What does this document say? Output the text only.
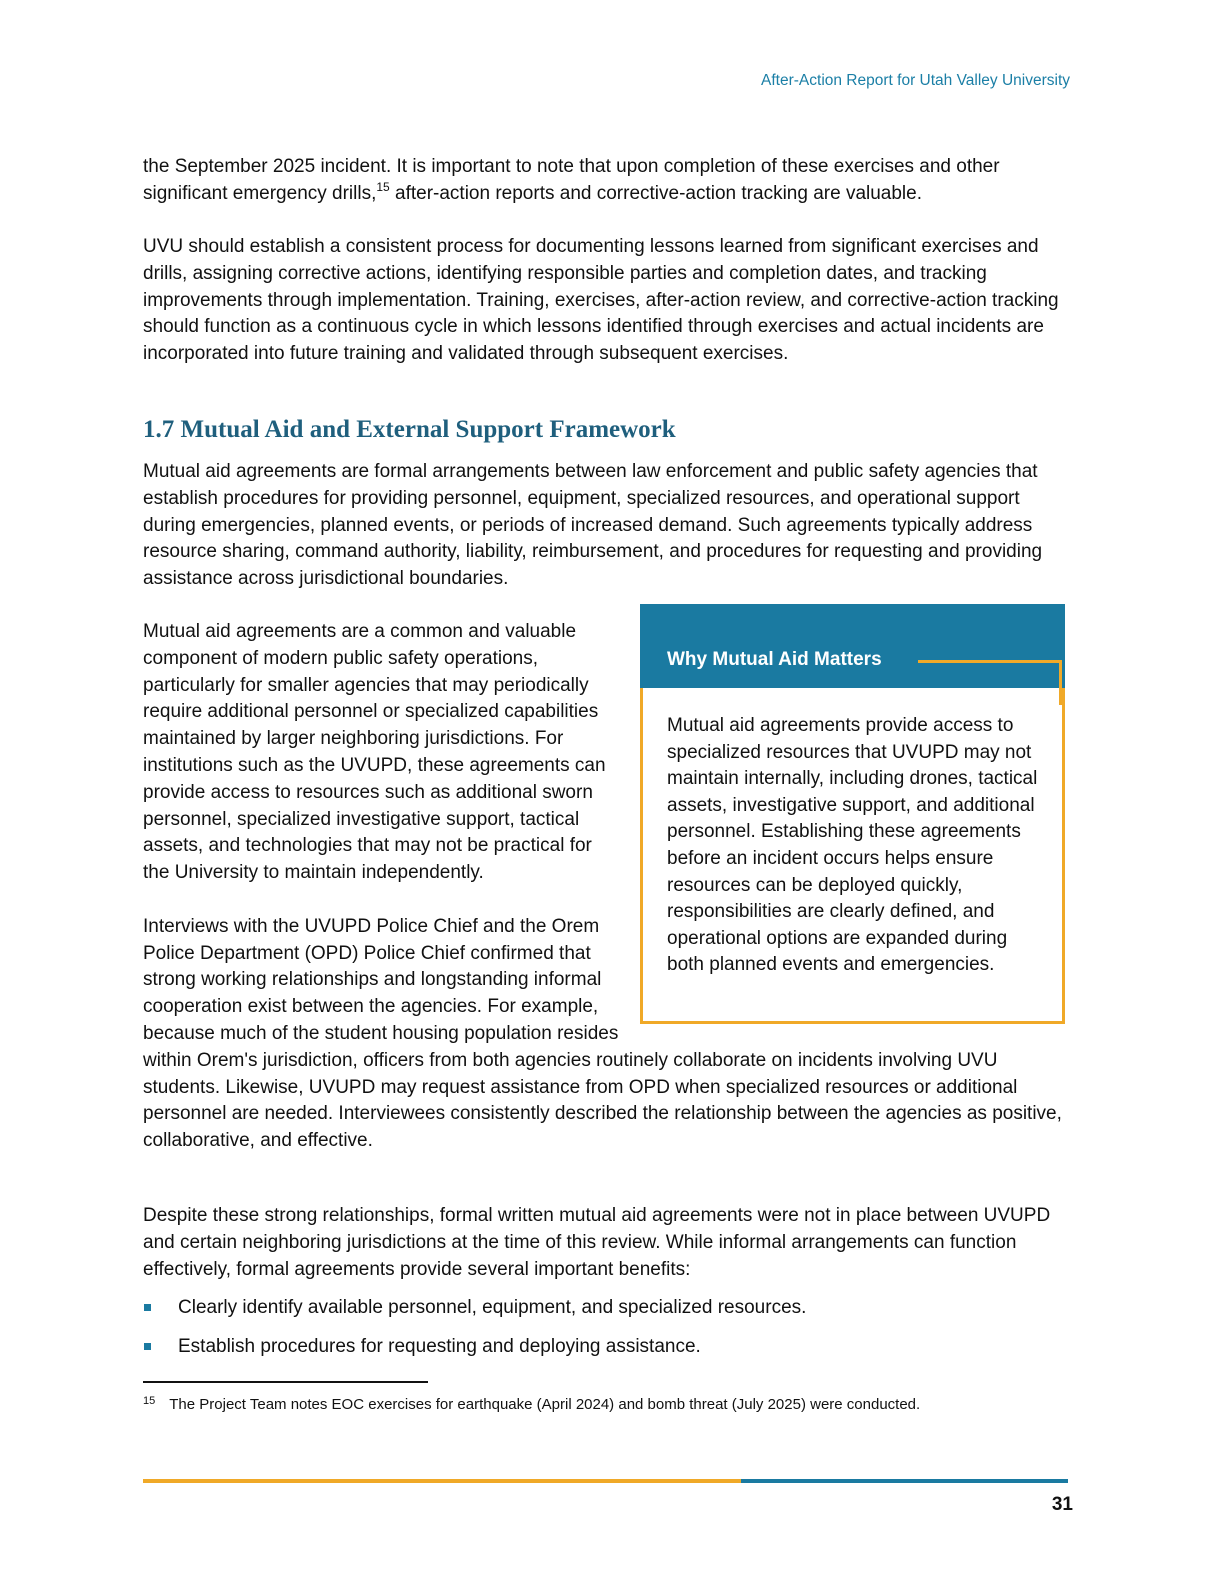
After-Action Report for Utah Valley University

the September 2025 incident. It is important to note that upon completion of these exercises and other significant emergency drills,$^{15}$ after-action reports and corrective-action tracking are valuable.

UVU should establish a consistent process for documenting lessons learned from significant exercises and drills, assigning corrective actions, identifying responsible parties and completion dates, and tracking improvements through implementation. Training, exercises, after-action review, and corrective-action tracking should function as a continuous cycle in which lessons identified through exercises and actual incidents are incorporated into future training and validated through subsequent exercises.

1.7 Mutual Aid and External Support Framework

Mutual aid agreements are formal arrangements between law enforcement and public safety agencies that establish procedures for providing personnel, equipment, specialized resources, and operational support during emergencies, planned events, or periods of increased demand. Such agreements typically address resource sharing, command authority, liability, reimbursement, and procedures for requesting and providing assistance across jurisdictional boundaries.

Mutual aid agreements are a common and valuable component of modern public safety operations, particularly for smaller agencies that may periodically require additional personnel or specialized capabilities maintained by larger neighboring jurisdictions. For institutions such as the UVUPD, these agreements can provide access to resources such as additional sworn personnel, specialized investigative support, tactical assets, and technologies that may not be practical for the University to maintain independently.

Interviews with the UVUPD Police Chief and the Orem Police Department (OPD) Police Chief confirmed that strong working relationships and longstanding informal cooperation exist between the agencies. For example, because much of the student housing population resides within Orem's jurisdiction, officers from both agencies routinely collaborate on incidents involving UVU students. Likewise, UVUPD may request assistance from OPD when specialized resources or additional personnel are needed. Interviewees consistently described the relationship between the agencies as positive, collaborative, and effective.

Why Mutual Aid Matters

Mutual aid agreements provide access to specialized resources that UVUPD may not maintain internally, including drones, tactical assets, investigative support, and additional personnel. Establishing these agreements before an incident occurs helps ensure resources can be deployed quickly, responsibilities are clearly defined, and operational options are expanded during both planned events and emergencies.

Despite these strong relationships, formal written mutual aid agreements were not in place between UVUPD and certain neighboring jurisdictions at the time of this review. While informal arrangements can function effectively, formal agreements provide several important benefits:

Clearly identify available personnel, equipment, and specialized resources.
Establish procedures for requesting and deploying assistance.

$^{15}$ The Project Team notes EOC exercises for earthquake (April 2024) and bomb threat (July 2025) were conducted.

31
